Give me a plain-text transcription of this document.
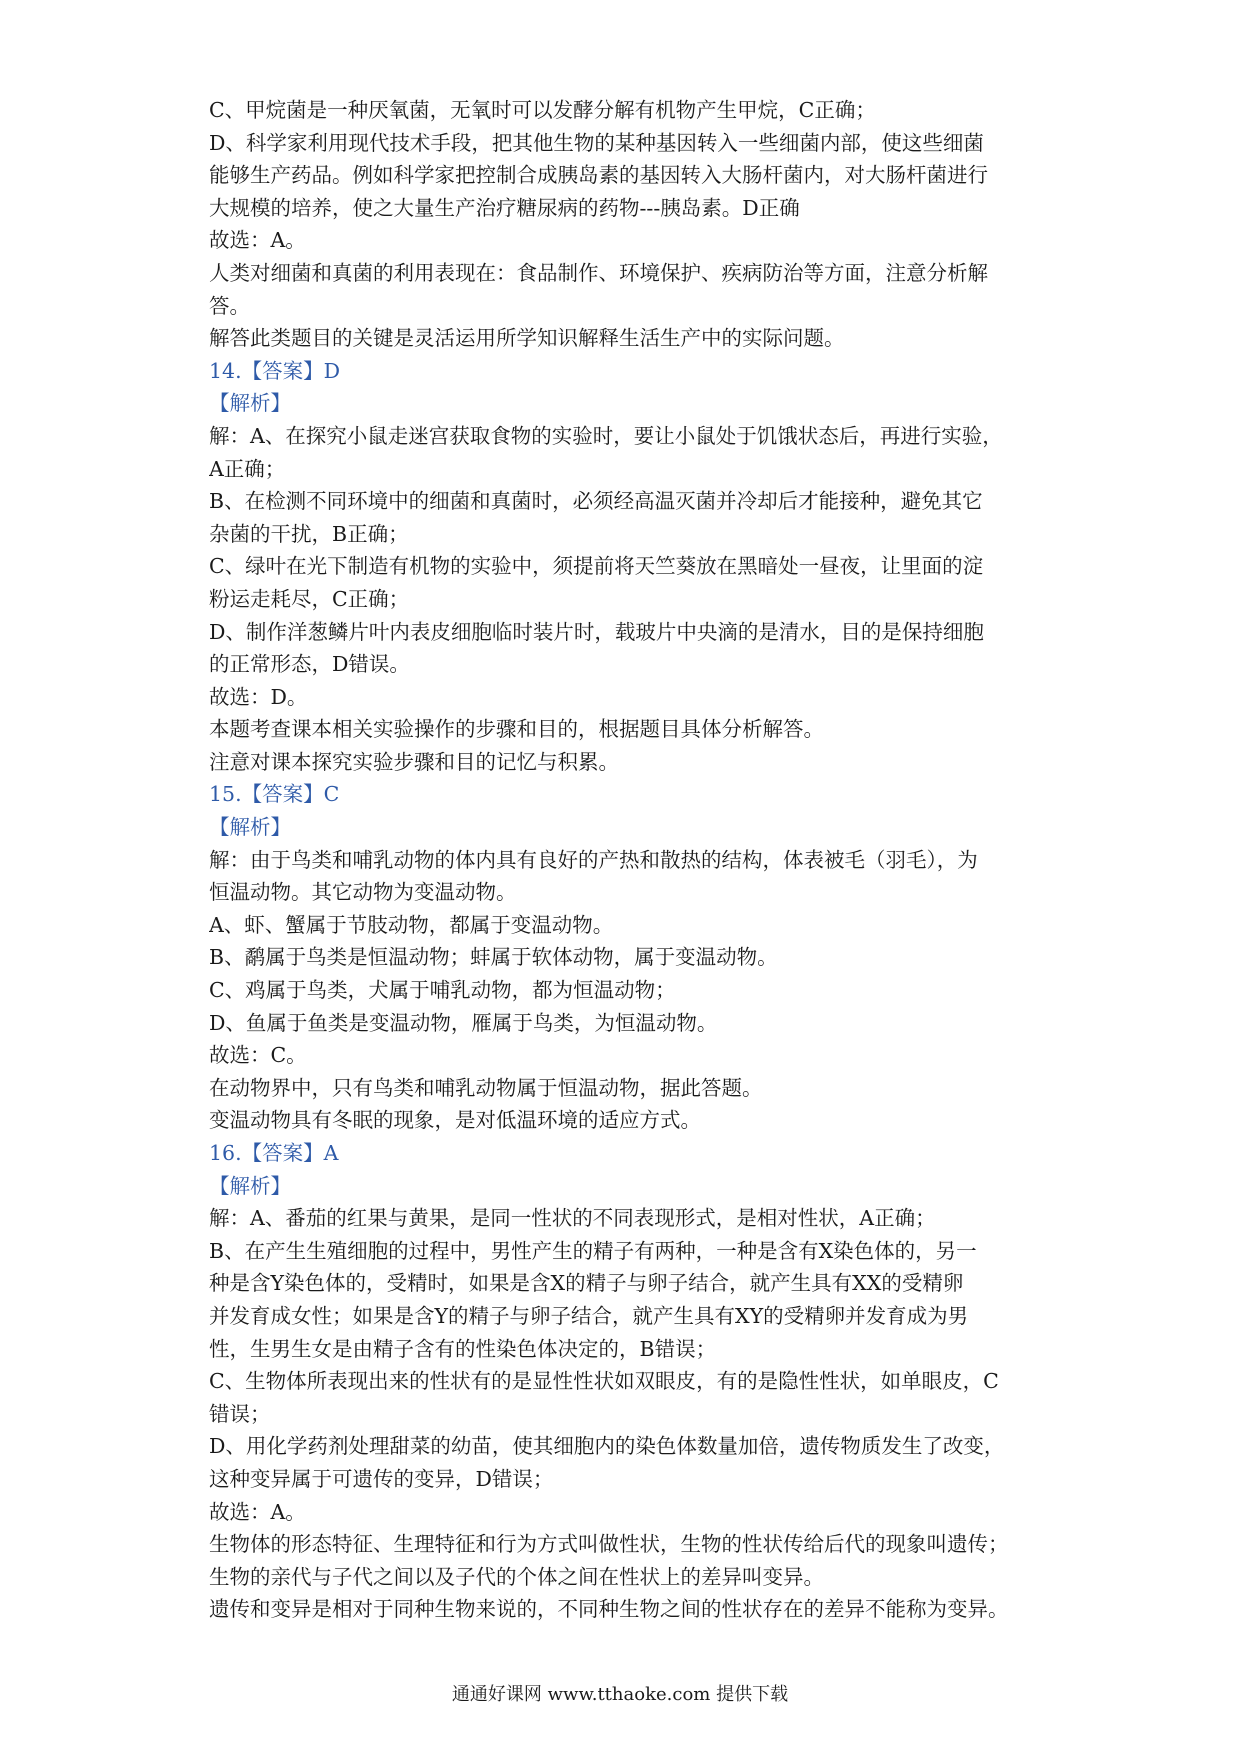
C、甲烷菌是一种厌氧菌，无氧时可以发酵分解有机物产生甲烷，C正确；
D、科学家利用现代技术手段，把其他生物的某种基因转入一些细菌内部，使这些细菌
能够生产药品。例如科学家把控制合成胰岛素的基因转入大肠杆菌内，对大肠杆菌进行
大规模的培养，使之大量生产治疗糖尿病的药物---胰岛素。D正确
故选：A。
人类对细菌和真菌的利用表现在：食品制作、环境保护、疾病防治等方面，注意分析解
答。
解答此类题目的关键是灵活运用所学知识解释生活生产中的实际问题。
14.【答案】D
【解析】
解：A、在探究小鼠走迷宫获取食物的实验时，要让小鼠处于饥饿状态后，再进行实验，
A正确；
B、在检测不同环境中的细菌和真菌时，必须经高温灭菌并冷却后才能接种，避免其它
杂菌的干扰，B正确；
C、绿叶在光下制造有机物的实验中，须提前将天竺葵放在黑暗处一昼夜，让里面的淀
粉运走耗尽，C正确；
D、制作洋葱鳞片叶内表皮细胞临时装片时，载玻片中央滴的是清水，目的是保持细胞
的正常形态，D错误。
故选：D。
本题考查课本相关实验操作的步骤和目的，根据题目具体分析解答。
注意对课本探究实验步骤和目的记忆与积累。
15.【答案】C
【解析】
解：由于鸟类和哺乳动物的体内具有良好的产热和散热的结构，体表被毛（羽毛），为
恒温动物。其它动物为变温动物。
A、虾、蟹属于节肢动物，都属于变温动物。
B、鹬属于鸟类是恒温动物；蚌属于软体动物，属于变温动物。
C、鸡属于鸟类，犬属于哺乳动物，都为恒温动物；
D、鱼属于鱼类是变温动物，雁属于鸟类，为恒温动物。
故选：C。
在动物界中，只有鸟类和哺乳动物属于恒温动物，据此答题。
变温动物具有冬眠的现象，是对低温环境的适应方式。
16.【答案】A
【解析】
解：A、番茄的红果与黄果，是同一性状的不同表现形式，是相对性状，A正确；
B、在产生生殖细胞的过程中，男性产生的精子有两种，一种是含有X染色体的，另一
种是含Y染色体的，受精时，如果是含X的精子与卵子结合，就产生具有XX的受精卵
并发育成女性；如果是含Y的精子与卵子结合，就产生具有XY的受精卵并发育成为男
性，生男生女是由精子含有的性染色体决定的，B错误；
C、生物体所表现出来的性状有的是显性性状如双眼皮，有的是隐性性状，如单眼皮，C
错误；
D、用化学药剂处理甜菜的幼苗，使其细胞内的染色体数量加倍，遗传物质发生了改变，
这种变异属于可遗传的变异，D错误；
故选：A。
生物体的形态特征、生理特征和行为方式叫做性状，生物的性状传给后代的现象叫遗传；
生物的亲代与子代之间以及子代的个体之间在性状上的差异叫变异。
遗传和变异是相对于同种生物来说的，不同种生物之间的性状存在的差异不能称为变异。
通通好课网 www.tthaoke.com 提供下载
